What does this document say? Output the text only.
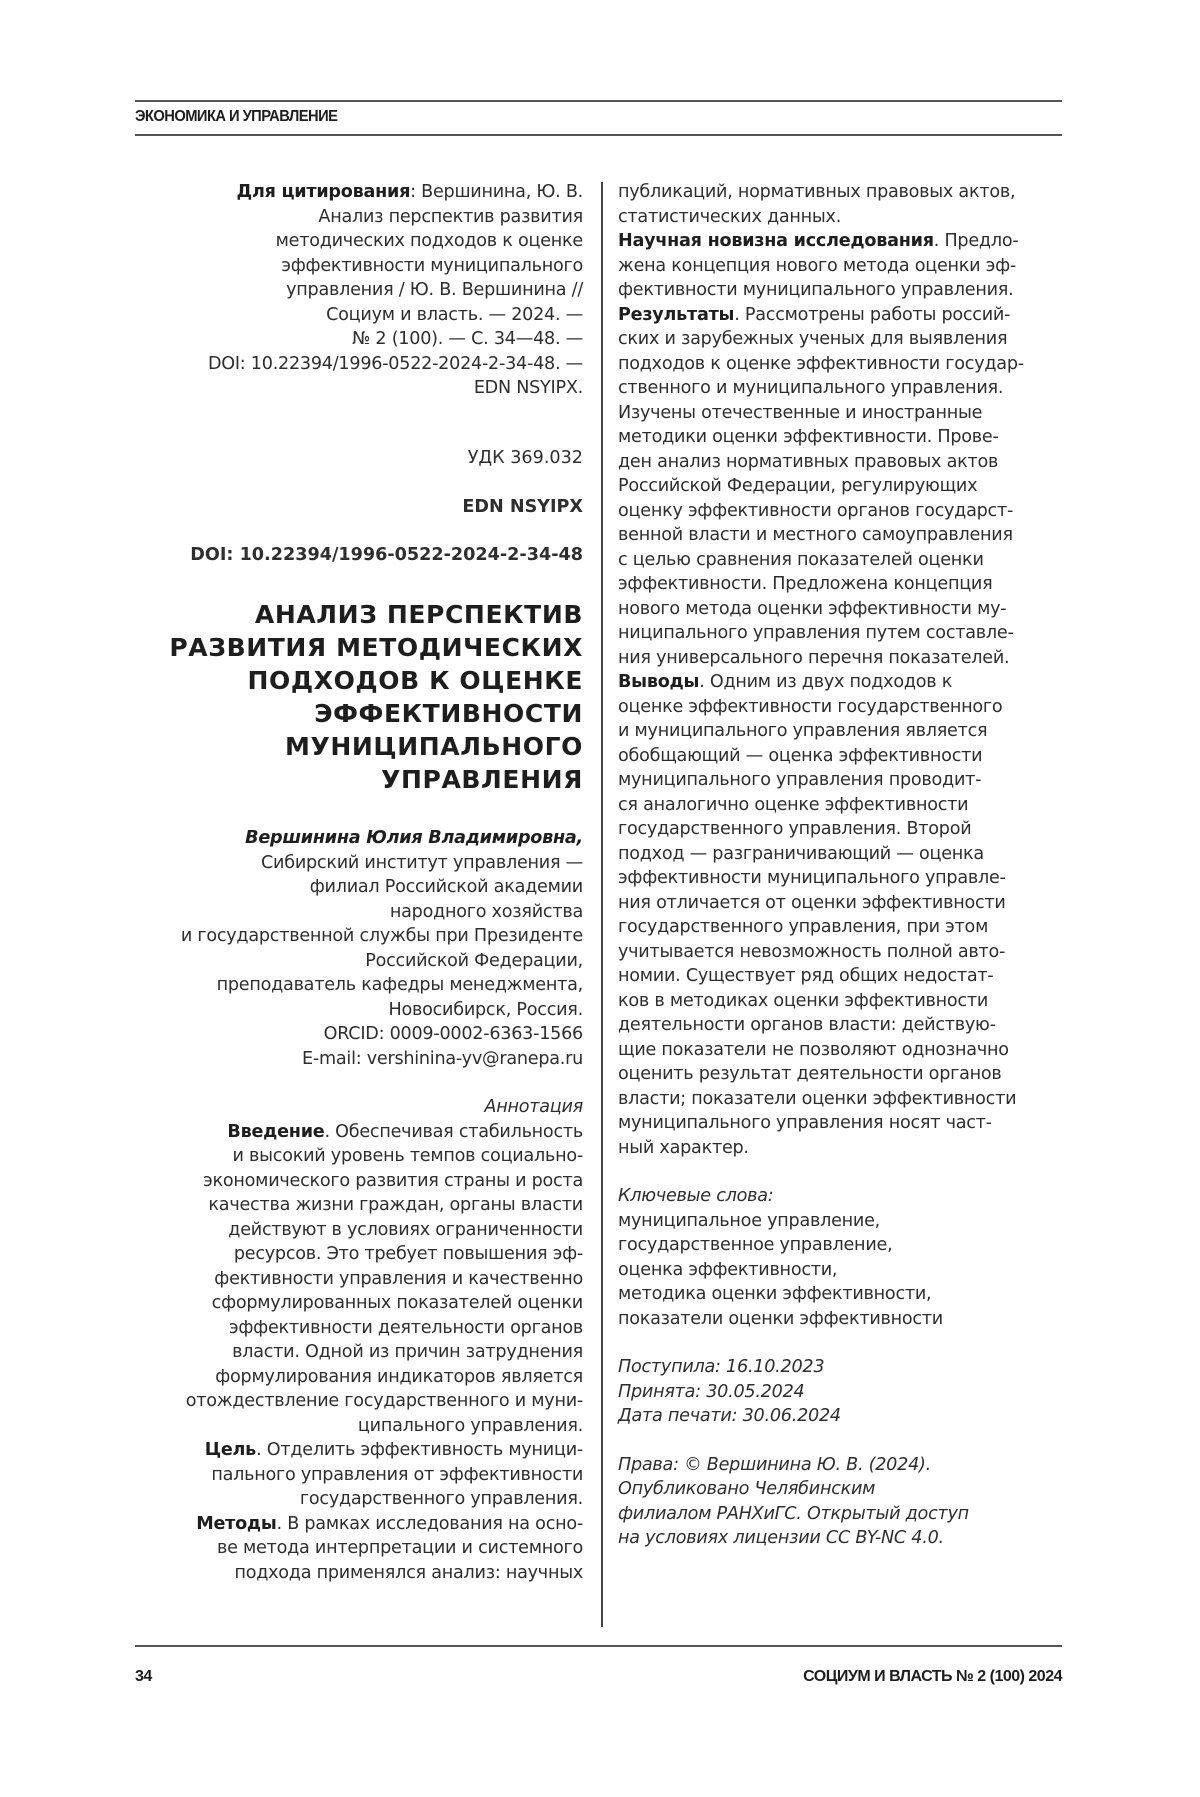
ЭКОНОМИКА И УПРАВЛЕНИЕ
Для цитирования: Вершинина, Ю. В.
Анализ перспектив развития
методических подходов к оценке
эффективности муниципального
управления / Ю. В. Вершинина //
Социум и власть. — 2024. —
№ 2 (100). — С. 34—48. —
DOI: 10.22394/1996-0522-2024-2-34-48. —
EDN NSYIPX.
УДК 369.032
EDN NSYIPX
DOI: 10.22394/1996-0522-2024-2-34-48
АНАЛИЗ ПЕРСПЕКТИВ
РАЗВИТИЯ МЕТОДИЧЕСКИХ
ПОДХОДОВ К ОЦЕНКЕ
ЭФФЕКТИВНОСТИ
МУНИЦИПАЛЬНОГО
УПРАВЛЕНИЯ
Вершинина Юлия Владимировна,
Сибирский институт управления —
филиал Российской академии
народного хозяйства
и государственной службы при Президенте
Российской Федерации,
преподаватель кафедры менеджмента,
Новосибирск, Россия.
ORCID: 0009-0002-6363-1566
E-mail: vershinina-yv@ranepa.ru
Аннотация
Введение. Обеспечивая стабильность
и высокий уровень темпов социально-
экономического развития страны и роста
качества жизни граждан, органы власти
действуют в условиях ограниченности
ресурсов. Это требует повышения эф-
фективности управления и качественно
сформулированных показателей оценки
эффективности деятельности органов
власти. Одной из причин затруднения
формулирования индикаторов является
отождествление государственного и муни-
ципального управления.
Цель. Отделить эффективность муници-
пального управления от эффективности
государственного управления.
Методы. В рамках исследования на осно-
ве метода интерпретации и системного
подхода применялся анализ: научных
публикаций, нормативных правовых актов,
статистических данных.
Научная новизна исследования. Предло-
жена концепция нового метода оценки эф-
фективности муниципального управления.
Результаты. Рассмотрены работы россий-
ских и зарубежных ученых для выявления
подходов к оценке эффективности государ-
ственного и муниципального управления.
Изучены отечественные и иностранные
методики оценки эффективности. Прове-
ден анализ нормативных правовых актов
Российской Федерации, регулирующих
оценку эффективности органов государст-
венной власти и местного самоуправления
с целью сравнения показателей оценки
эффективности. Предложена концепция
нового метода оценки эффективности му-
ниципального управления путем составле-
ния универсального перечня показателей.
Выводы. Одним из двух подходов к
оценке эффективности государственного
и муниципального управления является
обобщающий — оценка эффективности
муниципального управления проводит-
ся аналогично оценке эффективности
государственного управления. Второй
подход — разграничивающий — оценка
эффективности муниципального управле-
ния отличается от оценки эффективности
государственного управления, при этом
учитывается невозможность полной авто-
номии. Существует ряд общих недостат-
ков в методиках оценки эффективности
деятельности органов власти: действую-
щие показатели не позволяют однозначно
оценить результат деятельности органов
власти; показатели оценки эффективности
муниципального управления носят част-
ный характер.
Ключевые слова:
муниципальное управление,
государственное управление,
оценка эффективности,
методика оценки эффективности,
показатели оценки эффективности
Поступила: 16.10.2023
Принята: 30.05.2024
Дата печати: 30.06.2024
Права: © Вершинина Ю. В. (2024).
Опубликовано Челябинским
филиалом РАНХиГС. Открытый доступ
на условиях лицензии CC BY-NC 4.0.
34	СОЦИУМ И ВЛАСТЬ № 2 (100) 2024
